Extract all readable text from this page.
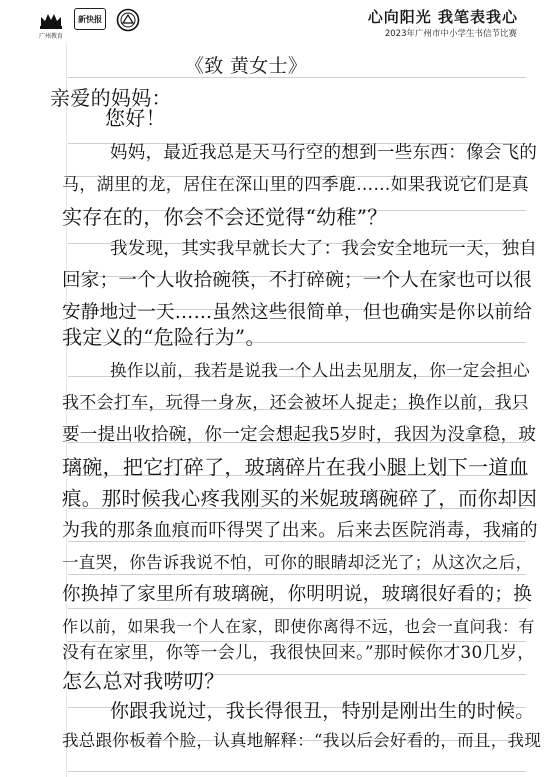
广州教育
新快报	心向阳光 我笔表我心
2023年广州市中小学生书信节比赛
《致 黄女士》
亲爱的妈妈：
您好！
妈妈，最近我总是天马行空的想到一些东西：像会飞的
马，湖里的龙，居住在深山里的四季鹿……如果我说它们是真
实存在的，你会不会还觉得“幼稚”？
我发现，其实我早就长大了：我会安全地玩一天，独自
回家；一个人收拾碗筷，不打碎碗；一个人在家也可以很
安静地过一天……虽然这些很简单，但也确实是你以前给
我定义的“危险行为”。
换作以前，我若是说我一个人出去见朋友，你一定会担心
我不会打车，玩得一身灰，还会被坏人捉走；换作以前，我只
要一提出收拾碗，你一定会想起我5岁时，我因为没拿稳，玻
璃碗，把它打碎了，玻璃碎片在我小腿上划下一道血
痕。那时候我心疼我刚买的米妮玻璃碗碎了，而你却因
为我的那条血痕而吓得哭了出来。后来去医院消毒，我痛的
一直哭，你告诉我说不怕，可你的眼睛却泛光了；从这次之后，
你换掉了家里所有玻璃碗，你明明说，玻璃很好看的；换
作以前，如果我一个人在家，即使你离得不远，也会一直问我：有
没有在家里，你等一会儿，我很快回来。”那时候你才30几岁，
怎么总对我唠叨？
你跟我说过，我长得很丑，特别是刚出生的时候。
我总跟你板着个脸，认真地解释：“我以后会好看的，而且，我现
